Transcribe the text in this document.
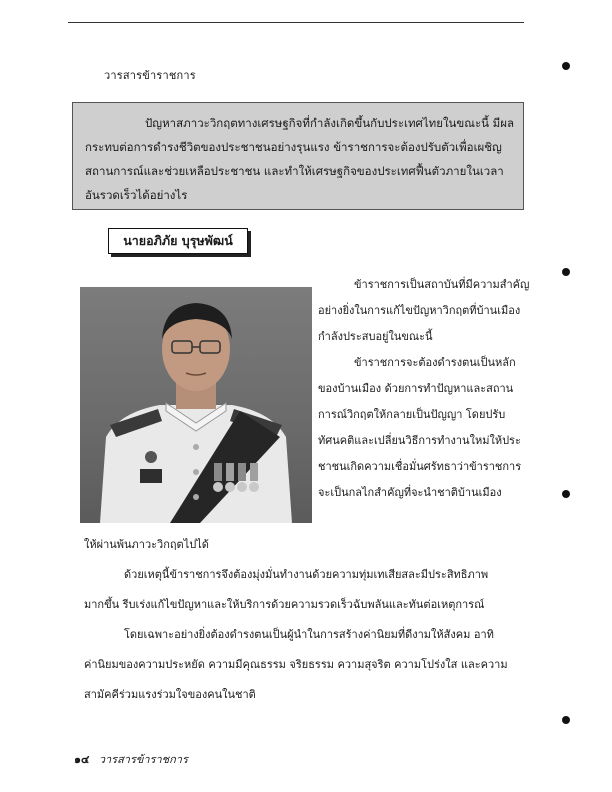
วารสารข้าราชการ
ปัญหาสภาวะวิกฤตทางเศรษฐกิจที่กำลังเกิดขึ้นกับประเทศไทยในขณะนี้ มีผล
กระทบต่อการดำรงชีวิตของประชาชนอย่างรุนแรง ข้าราชการจะต้องปรับตัวเพื่อเผชิญ
สถานการณ์และช่วยเหลือประชาชน และทำให้เศรษฐกิจของประเทศฟื้นตัวภายในเวลา
อันรวดเร็วได้อย่างไร
นายอภิภัย บุรุษพัฒน์
ข้าราชการเป็นสถาบันที่มีความสำคัญ
อย่างยิ่งในการแก้ไขปัญหาวิกฤตที่บ้านเมือง
กำลังประสบอยู่ในขณะนี้
ข้าราชการจะต้องดำรงตนเป็นหลัก
ของบ้านเมือง ด้วยการทำปัญหาและสถาน
การณ์วิกฤตให้กลายเป็นปัญญา โดยปรับ
ทัศนคติและเปลี่ยนวิธีการทำงานใหม่ให้ประ
ชาชนเกิดความเชื่อมั่นศรัทธาว่าข้าราชการ
จะเป็นกลไกสำคัญที่จะนำชาติบ้านเมือง
ให้ผ่านพ้นภาวะวิกฤตไปได้
ด้วยเหตุนี้ข้าราชการจึงต้องมุ่งมั่นทำงานด้วยความทุ่มเทเสียสละมีประสิทธิภาพ
มากขึ้น รีบเร่งแก้ไขปัญหาและให้บริการด้วยความรวดเร็วฉับพลันและทันต่อเหตุการณ์
โดยเฉพาะอย่างยิ่งต้องดำรงตนเป็นผู้นำในการสร้างค่านิยมที่ดีงามให้สังคม อาทิ
ค่านิยมของความประหยัด ความมีคุณธรรม จริยธรรม ความสุจริต ความโปร่งใส และความ
สามัคคีร่วมแรงร่วมใจของคนในชาติ
๑๔ วารสารข้าราชการ
